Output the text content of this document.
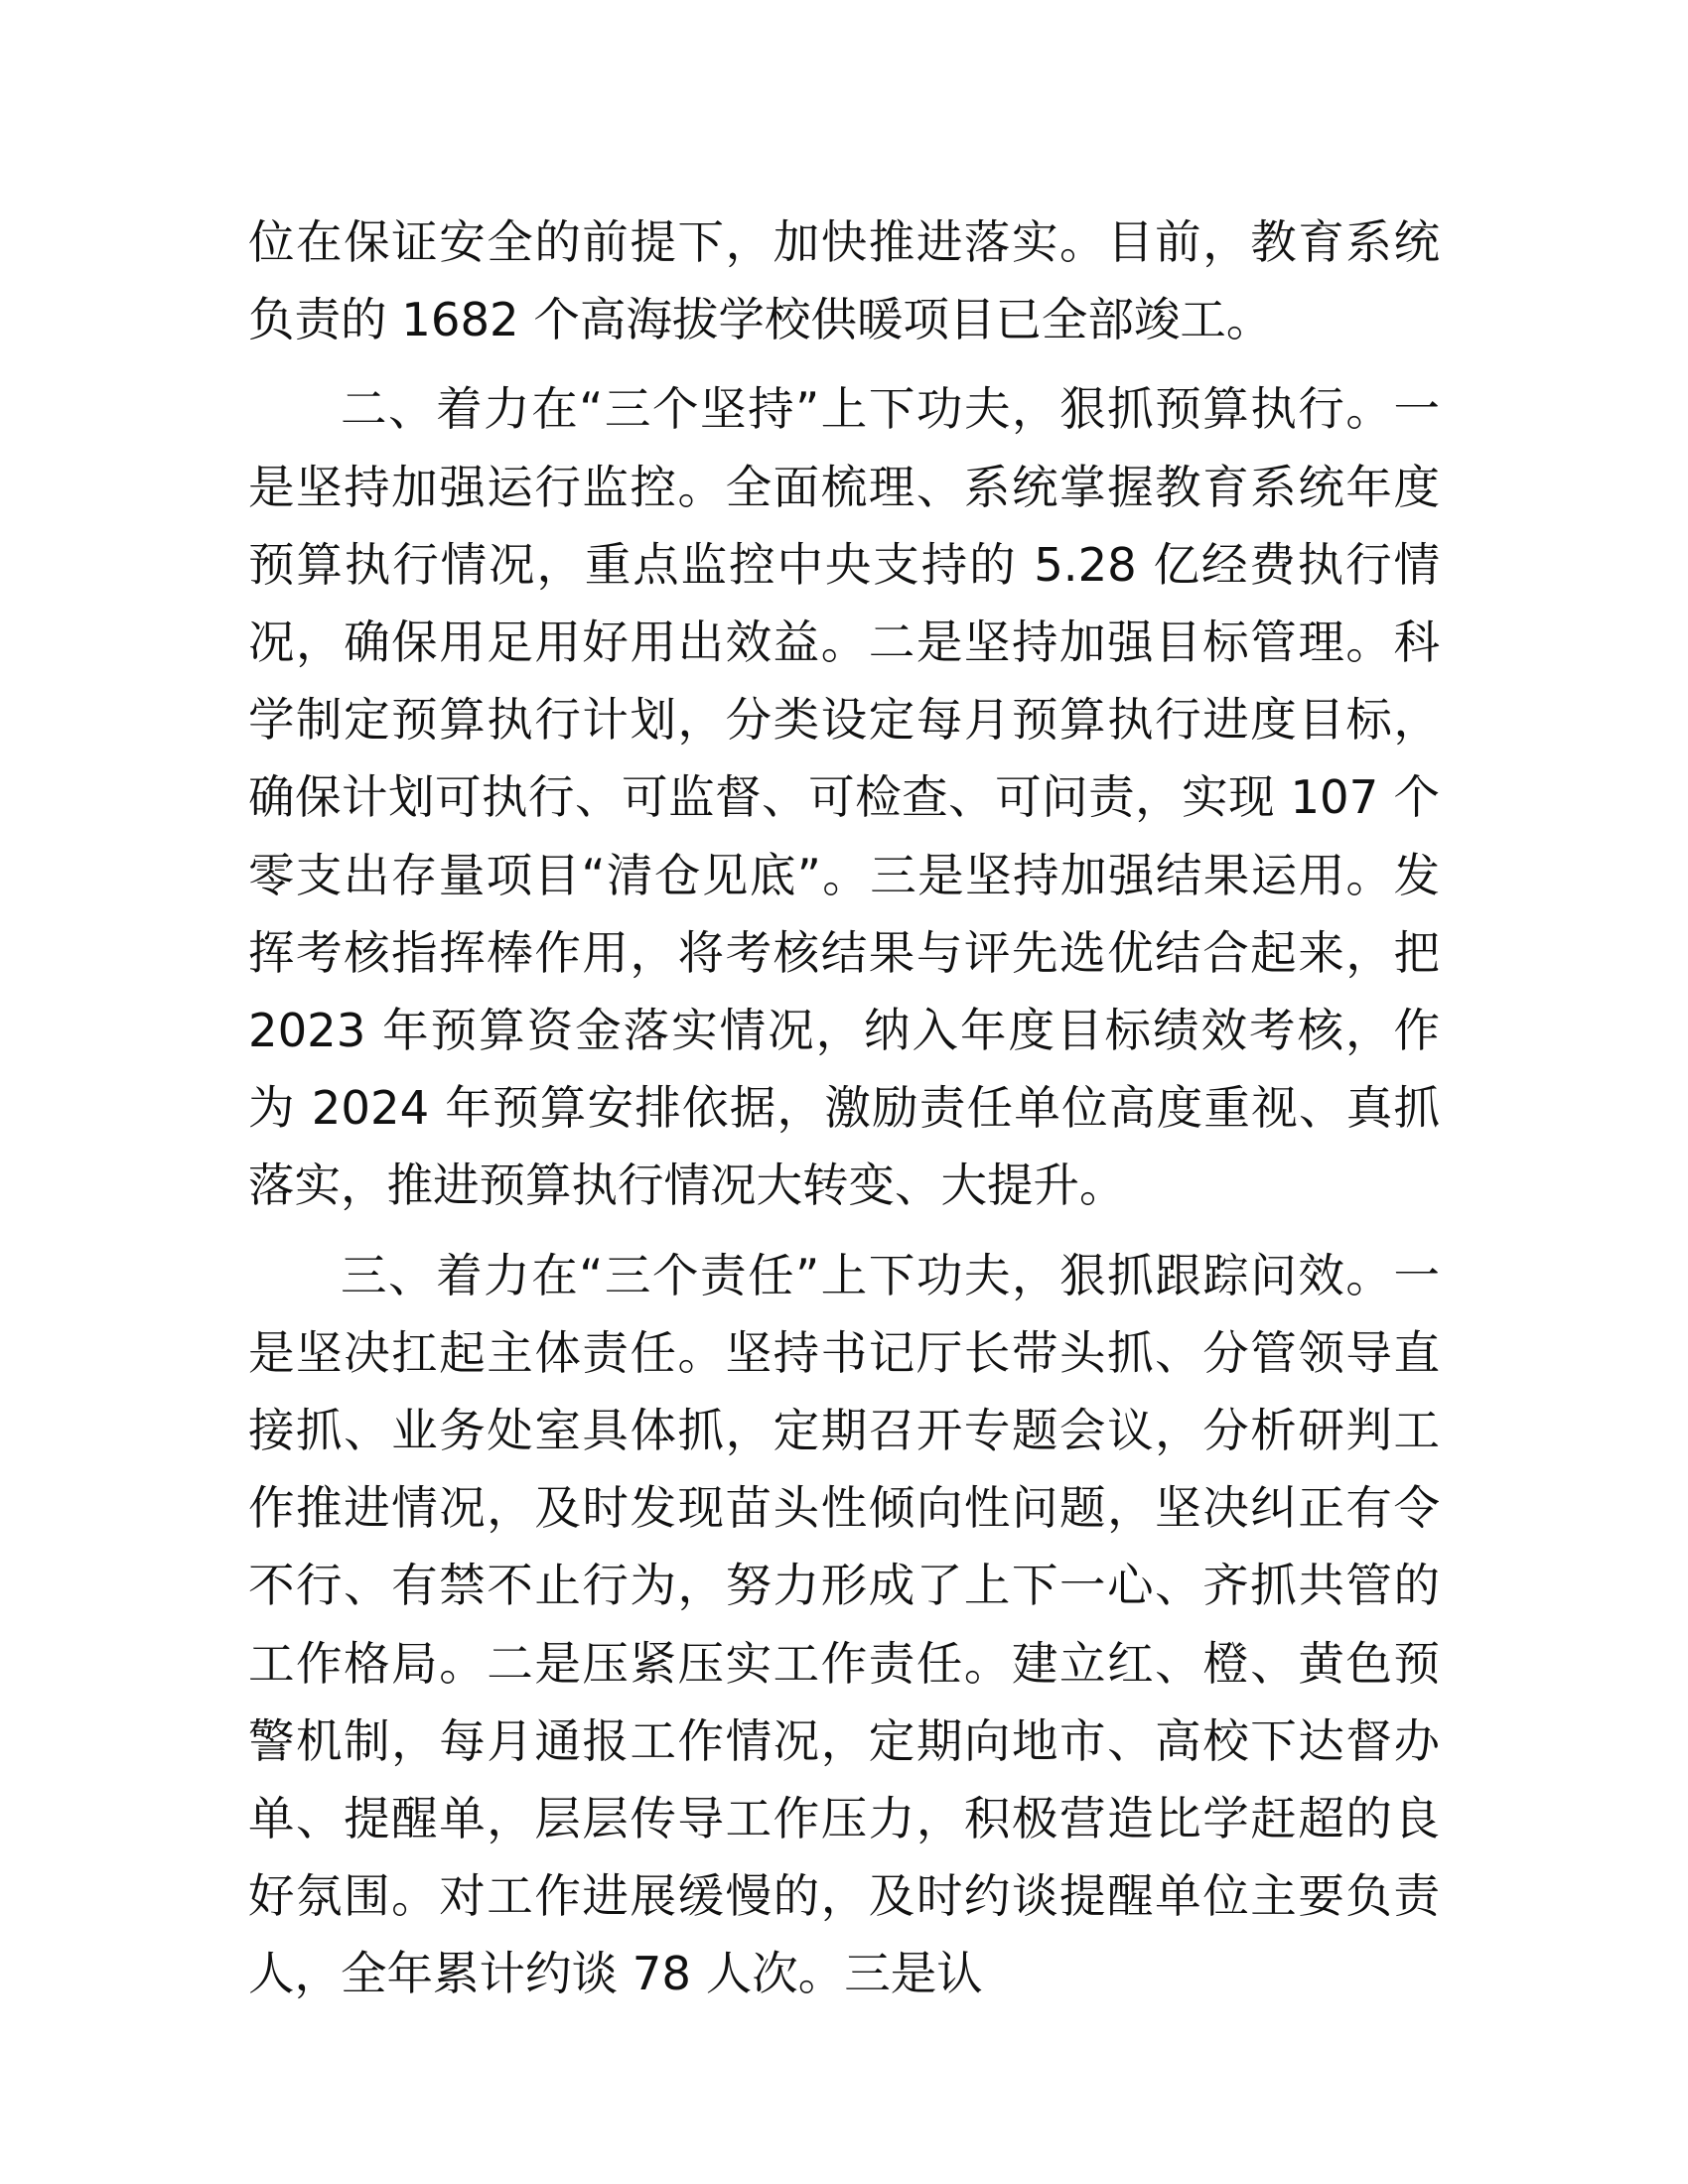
位在保证安全的前提下，加快推进落实。目前，教育系统负责的 1682 个高海拔学校供暖项目已全部竣工。

二、着力在“三个坚持”上下功夫，狠抓预算执行。一是坚持加强运行监控。全面梳理、系统掌握教育系统年度预算执行情况，重点监控中央支持的 5.28 亿经费执行情况，确保用足用好用出效益。二是坚持加强目标管理。科学制定预算执行计划，分类设定每月预算执行进度目标，确保计划可执行、可监督、可检查、可问责，实现 107 个零支出存量项目“清仓见底”。三是坚持加强结果运用。发挥考核指挥棒作用，将考核结果与评先选优结合起来，把 2023 年预算资金落实情况，纳入年度目标绩效考核，作为 2024 年预算安排依据，激励责任单位高度重视、真抓落实，推进预算执行情况大转变、大提升。

三、着力在“三个责任”上下功夫，狠抓跟踪问效。一是坚决扛起主体责任。坚持书记厅长带头抓、分管领导直接抓、业务处室具体抓，定期召开专题会议，分析研判工作推进情况，及时发现苗头性倾向性问题，坚决纠正有令不行、有禁不止行为，努力形成了上下一心、齐抓共管的工作格局。二是压紧压实工作责任。建立红、橙、黄色预警机制，每月通报工作情况，定期向地市、高校下达督办单、提醒单，层层传导工作压力，积极营造比学赶超的良好氛围。对工作进展缓慢的，及时约谈提醒单位主要负责人，全年累计约谈 78 人次。三是认
